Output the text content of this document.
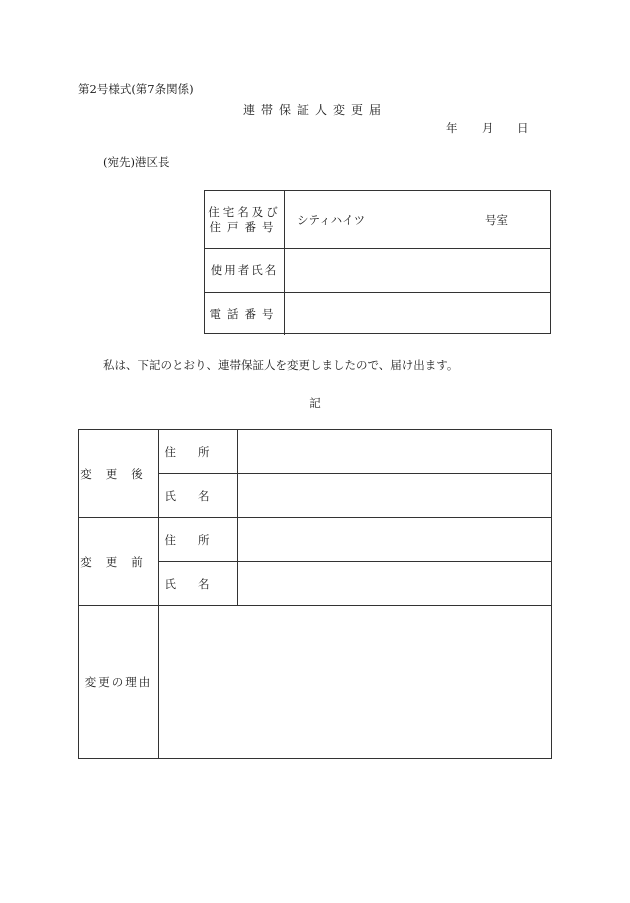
第2号様式(第7条関係)
連帯保証人変更届
年 月 日
(宛先)港区長
住宅名及び
住戸番号 シティハイツ	号室
使用者氏名
電話番号
私は、下記のとおり、連帯保証人を変更しましたので、届け出ます。
記
変更後
住所
氏名
変更前
住所
氏名
変更の理由
